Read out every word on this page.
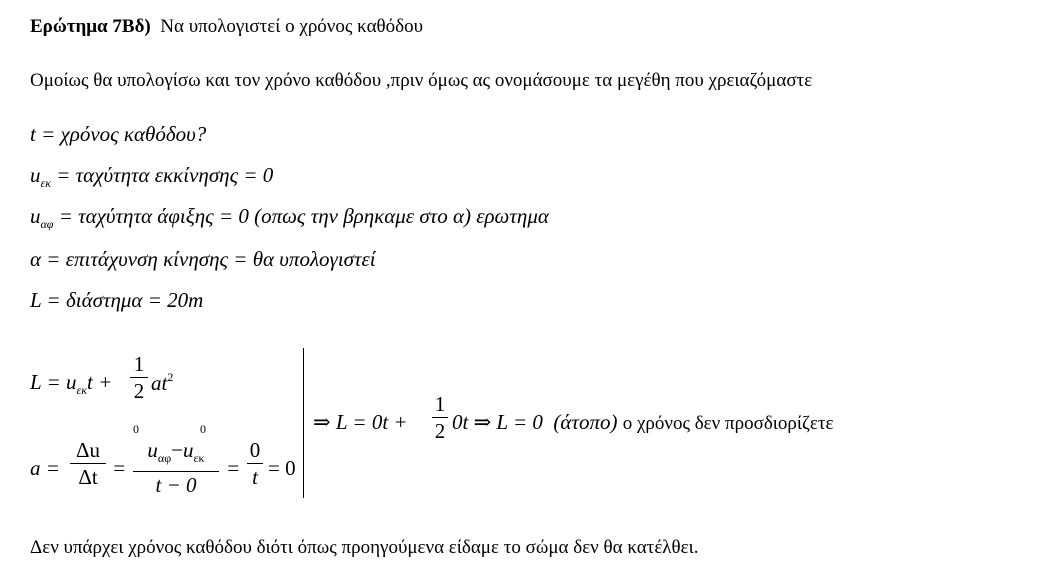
Ερώτημα 7Βδ) Να υπολογιστεί ο χρόνος καθόδου
Ομοίως θα υπολογίσω και τον χρόνο καθόδου ,πριν όμως ας ονομάσουμε τα μεγέθη που χρειαζόμαστε
t = χρόνος καθόδου?
$u_{\varepsilon\kappa} = \tau\alpha\chi ύ\tau\eta\tau\alpha$ εκκίνησης = 0
$u_{\alpha\varphi} = \tau\alpha\chi ύ\tau\eta\tau\alpha$ άφιξης = 0 (οπως την βρηκαμε στο α) ερωτημα
α = επιτάχυνση κίνησης = θα υπολογιστεί
L = διάστημα = 20m
$L = u_{\varepsilon\kappa}t$ +
1
2 $at^2$
0	0
a =
Δu
Δt =
$u_{\alpha\varphi}-u_{\varepsilon\kappa}$
t − 0
=
0
t = 0
⇒ L = 0t +
1
2 0t ⇒ L = 0 (άτοπο) ο χρόνος δεν προσδιορίζετε
Δεν υπάρχει χρόνος καθόδου διότι όπως προηγούμενα είδαμε το σώμα δεν θα κατέλθει.
